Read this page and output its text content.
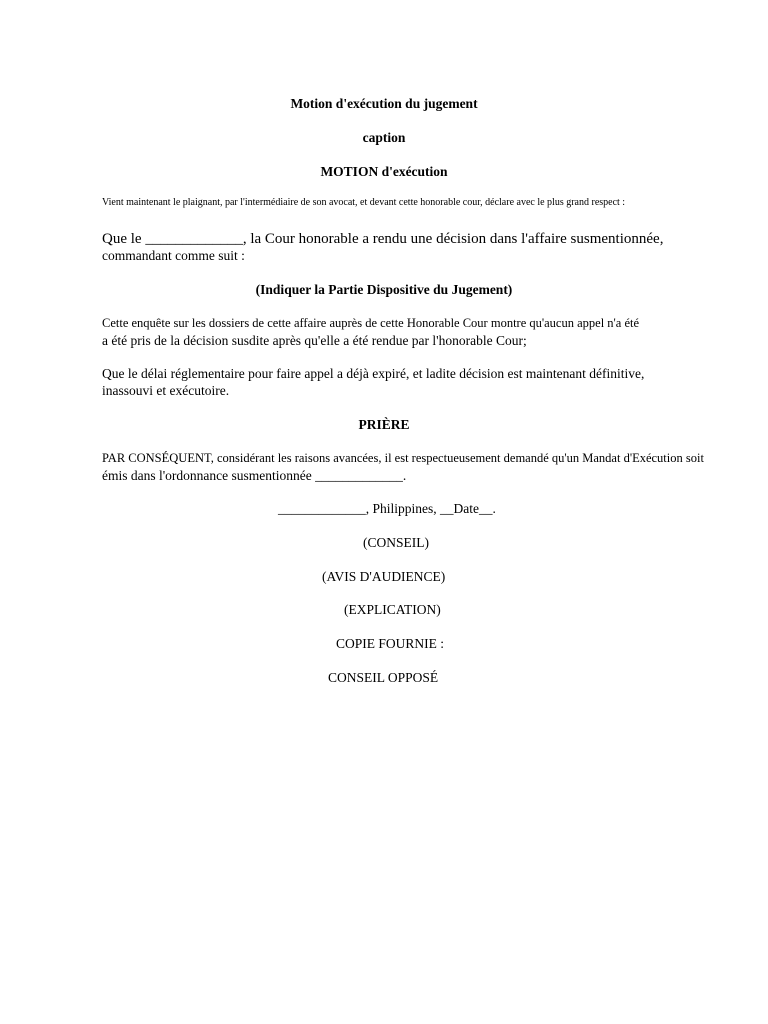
Motion d'exécution du jugement
caption
MOTION d'exécution
Vient maintenant le plaignant, par l'intermédiaire de son avocat, et devant cette honorable cour, déclare avec le plus grand respect :
Que le _____________, la Cour honorable a rendu une décision dans l'affaire susmentionnée,
commandant comme suit :
(Indiquer la Partie Dispositive du Jugement)
Cette enquête sur les dossiers de cette affaire auprès de cette Honorable Cour montre qu'aucun appel n'a été
a été pris de la décision susdite après qu'elle a été rendue par l'honorable Cour;
Que le délai réglementaire pour faire appel a déjà expiré, et ladite décision est maintenant définitive,
inassouvi et exécutoire.
PRIÈRE
PAR CONSÉQUENT, considérant les raisons avancées, il est respectueusement demandé qu'un Mandat d'Exécution soit
émis dans l'ordonnance susmentionnée _____________.
_____________, Philippines, __Date__.
(CONSEIL)
(AVIS D'AUDIENCE)
(EXPLICATION)
COPIE FOURNIE :
CONSEIL OPPOSÉ
